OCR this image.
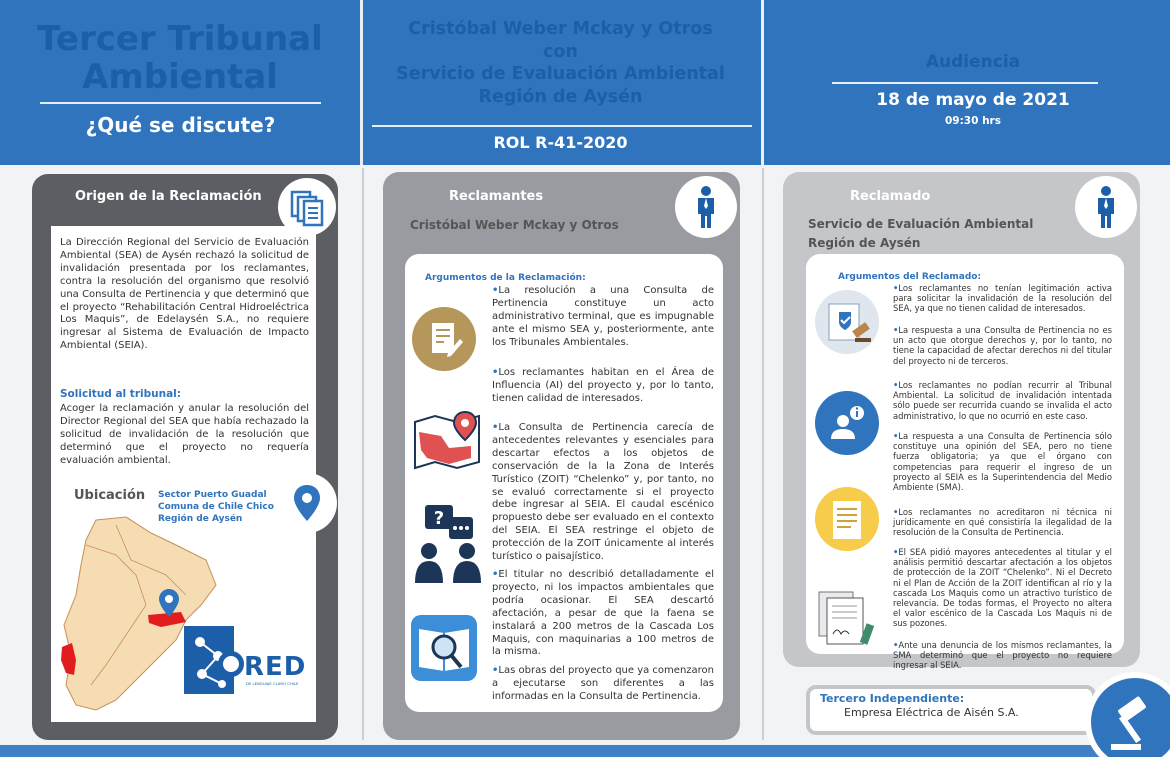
Tercer Tribunal
Ambiental
¿Qué se discute?
Cristóbal Weber Mckay y Otros
con
Servicio de Evaluación Ambiental
Región de Aysén
ROL R-41-2020
Audiencia
18 de mayo de 2021
09:30 hrs
Origen de la Reclamación
La Dirección Regional del Servicio de Evaluación Ambiental (SEA) de Aysén rechazó la solicitud de invalidación presentada por los reclamantes, contra la resolución del organismo que resolvió una Consulta de Pertinencia y que determinó que el proyecto “Rehabilitación Central Hidroeléctrica Los Maquis”, de Edelaysén S.A., no requiere ingresar al Sistema de Evaluación de Impacto Ambiental (SEIA).
Solicitud al tribunal:
Acoger la reclamación y anular la resolución del Director Regional del SEA que había rechazado la solicitud de invalidación de la resolución que determinó que el proyecto no requería evaluación ambiental.
Ubicación Sector Puerto Guadal
Comuna de Chile Chico
Región de Aysén
RED
DE LENGUAJE CLARO CHILE
Reclamantes
Cristóbal Weber Mckay y Otros
Argumentos de la Reclamación:
?
•La resolución a una Consulta de Pertinencia constituye un acto administrativo terminal, que es impugnable ante el mismo SEA y, posteriormente, ante los Tribunales Ambientales.
•Los reclamantes habitan en el Área de Influencia (AI) del proyecto y, por lo tanto, tienen calidad de interesados.
•La Consulta de Pertinencia carecía de antecedentes relevantes y esenciales para descartar efectos a los objetos de conservación de la la Zona de Interés Turístico (ZOIT) “Chelenko” y, por tanto, no se evaluó correctamente si el proyecto debe ingresar al SEIA. El caudal escénico propuesto debe ser evaluado en el contexto del SEIA. El SEA restringe el objeto de protección de la ZOIT únicamente al interés turístico o paisajístico.
•El titular no describió detalladamente el proyecto, ni los impactos ambientales que podría ocasionar. El SEA descartó afectación, a pesar de que la faena se instalará a 200 metros de la Cascada Los Maquis, con maquinarias a 100 metros de la misma.
•Las obras del proyecto que ya comenzaron a ejecutarse son diferentes a las informadas en la Consulta de Pertinencia.
Reclamado
Servicio de Evaluación Ambiental
Región de Aysén
Argumentos del Reclamado:
•Los reclamantes no tenían legitimación activa para solicitar la invalidación de la resolución del SEA, ya que no tienen calidad de interesados.
•La respuesta a una Consulta de Pertinencia no es un acto que otorgue derechos y, por lo tanto, no tiene la capacidad de afectar derechos ni del titular del proyecto ni de terceros.
•Los reclamantes no podían recurrir al Tribunal Ambiental. La solicitud de invalidación intentada sólo puede ser recurrida cuando se invalida el acto administrativo, lo que no ocurrió en este caso.
•La respuesta a una Consulta de Pertinencia sólo constituye una opinión del SEA, pero no tiene fuerza obligatoria; ya que el órgano con competencias para requerir el ingreso de un proyecto al SEIA es la Superintendencia del Medio Ambiente (SMA).
•Los reclamantes no acreditaron ni técnica ni jurídicamente en qué consistiría la ilegalidad de la resolución de la Consulta de Pertinencia.
•El SEA pidió mayores antecedentes al titular y el análisis permitió descartar afectación a los objetos de protección de la ZOIT “Chelenko”. Ni el Decreto ni el Plan de Acción de la ZOIT identifican al río y la cascada Los Maquis como un atractivo turístico de relevancia. De todas formas, el Proyecto no altera el valor escénico de la Cascada Los Maquis ni de sus pozones.
•Ante una denuncia de los mismos reclamantes, la SMA determinó que el proyecto no requiere ingresar al SEIA.
Tercero Independiente:
Empresa Eléctrica de Aisén S.A.
